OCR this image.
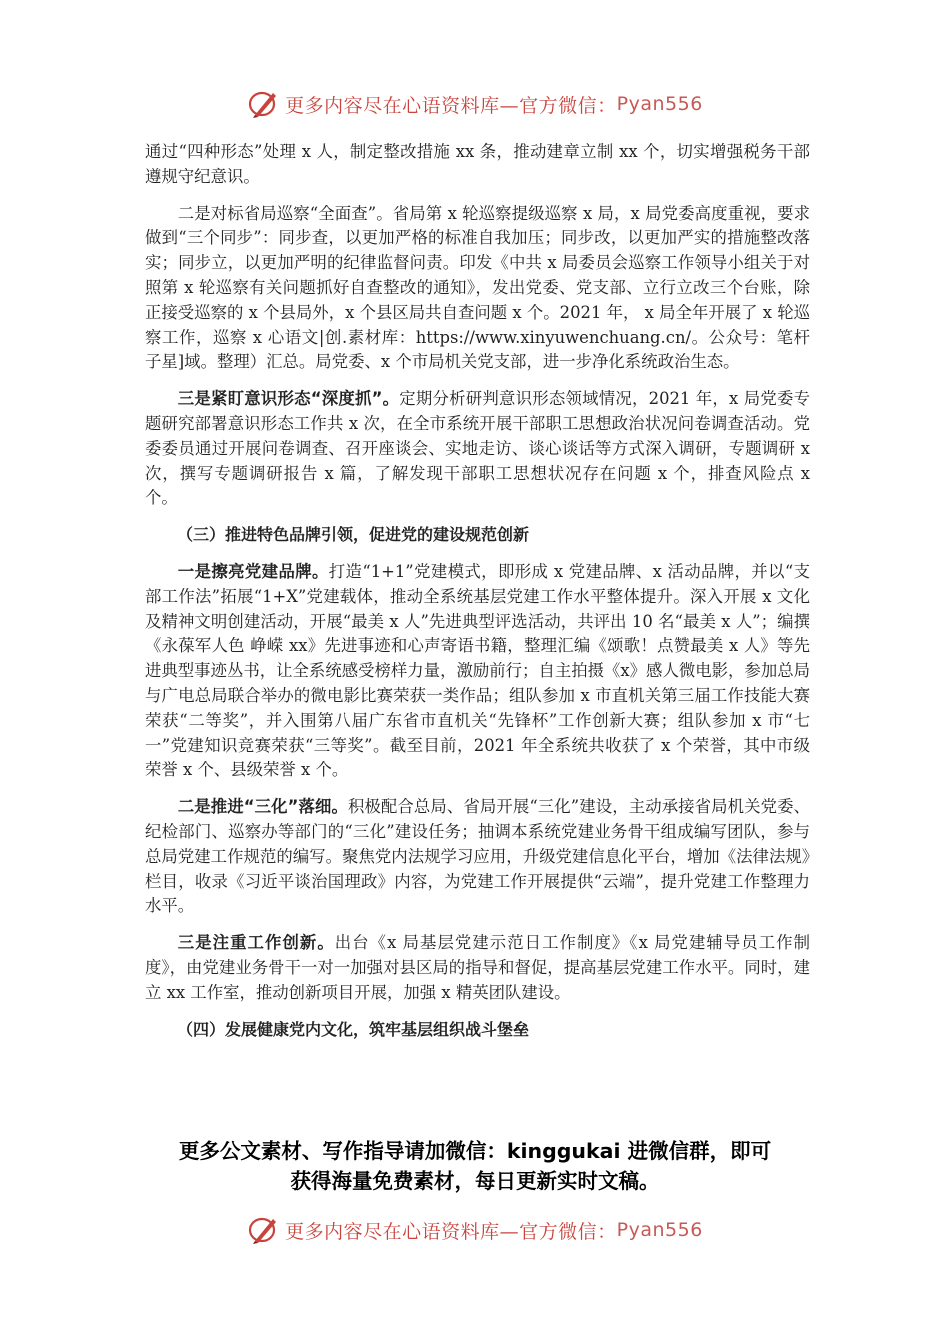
更多内容尽在心语资料库—官方微信： Pyan556

通过“四种形态”处理 x 人，制定整改措施 xx 条，推动建章立制 xx 个，切实增强税务干部遵规守纪意识。

二是对标省局巡察“全面查”。省局第 x 轮巡察提级巡察 x 局，x 局党委高度重视，要求做到“三个同步”：同步查，以更加严格的标准自我加压；同步改，以更加严实的措施整改落实；同步立，以更加严明的纪律监督问责。印发《中共 x 局委员会巡察工作领导小组关于对照第 x 轮巡察有关问题抓好自查整改的通知》，发出党委、党支部、立行立改三个台账，除正接受巡察的 x 个县局外，x 个县区局共自查问题 x 个。2021 年， x 局全年开展了 x 轮巡察工作，巡察 x 心语文|创.素材库：https://www.xinyuwenchuang.cn/。公众号：笔杆子星]域。整理）汇总。局党委、x 个市局机关党支部，进一步净化系统政治生态。

三是紧盯意识形态“深度抓”。定期分析研判意识形态领域情况，2021 年，x 局党委专题研究部署意识形态工作共 x 次，在全市系统开展干部职工思想政治状况问卷调查活动。党委委员通过开展问卷调查、召开座谈会、实地走访、谈心谈话等方式深入调研，专题调研 x 次，撰写专题调研报告 x 篇，了解发现干部职工思想状况存在问题 x 个，排查风险点 x 个。

（三）推进特色品牌引领，促进党的建设规范创新

一是擦亮党建品牌。打造“1+1”党建模式，即形成 x 党建品牌、x 活动品牌，并以“支部工作法”拓展“1+X”党建载体，推动全系统基层党建工作水平整体提升。深入开展 x 文化及精神文明创建活动，开展“最美 x 人”先进典型评选活动，共评出 10 名“最美 x 人”；编撰《永葆军人色 峥嵘 xx》先进事迹和心声寄语书籍，整理汇编《颂歌！点赞最美 x 人》等先进典型事迹丛书，让全系统感受榜样力量，激励前行；自主拍摄《x》感人微电影，参加总局与广电总局联合举办的微电影比赛荣获一类作品；组队参加 x 市直机关第三届工作技能大赛荣获“二等奖”，并入围第八届广东省市直机关“先锋杯”工作创新大赛；组队参加 x 市“七一”党建知识竞赛荣获“三等奖”。截至目前，2021 年全系统共收获了 x 个荣誉，其中市级荣誉 x 个、县级荣誉 x 个。

二是推进“三化”落细。积极配合总局、省局开展“三化”建设，主动承接省局机关党委、纪检部门、巡察办等部门的“三化”建设任务；抽调本系统党建业务骨干组成编写团队，参与总局党建工作规范的编写。聚焦党内法规学习应用，升级党建信息化平台，增加《法律法规》栏目，收录《习近平谈治国理政》内容，为党建工作开展提供“云端”，提升党建工作整理力水平。

三是注重工作创新。出台《x 局基层党建示范日工作制度》《x 局党建辅导员工作制度》，由党建业务骨干一对一加强对县区局的指导和督促，提高基层党建工作水平。同时，建立 xx 工作室，推动创新项目开展，加强 x 精英团队建设。

（四）发展健康党内文化，筑牢基层组织战斗堡垒
更多公文素材、写作指导请加微信：kinggukai 进微信群，即可
获得海量免费素材，每日更新实时文稿。
更多内容尽在心语资料库—官方微信： Pyan556
